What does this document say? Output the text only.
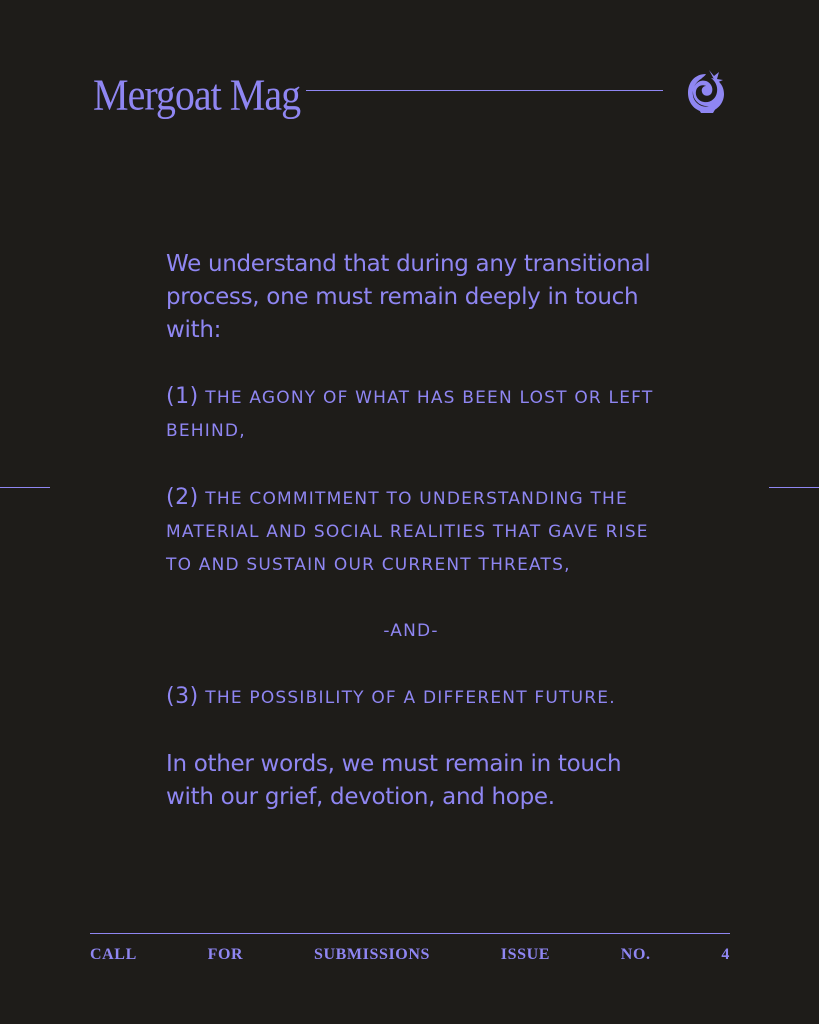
Mergoat Mag

We understand that during any transitional process, one must remain deeply in touch with:

(1) THE AGONY OF WHAT HAS BEEN LOST OR LEFT BEHIND,

(2) THE COMMITMENT TO UNDERSTANDING THE MATERIAL AND SOCIAL REALITIES THAT GAVE RISE TO AND SUSTAIN OUR CURRENT THREATS,

-AND-

(3) THE POSSIBILITY OF A DIFFERENT FUTURE.

In other words, we must remain in touch with our grief, devotion, and hope.

CALL	FOR	SUBMISSIONS	ISSUE	NO.	4
